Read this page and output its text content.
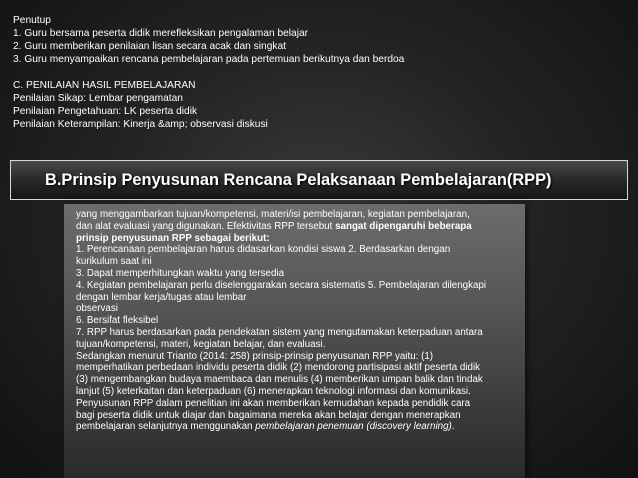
Penutup
1. Guru bersama peserta didik merefleksikan pengalaman belajar
2. Guru memberikan penilaian lisan secara acak dan singkat
3. Guru menyampaikan rencana pembelajaran pada pertemuan berikutnya dan berdoa
C. PENILAIAN HASIL PEMBELAJARAN
Penilaian Sikap: Lembar pengamatan
Penilaian Pengetahuan: LK peserta didik
Penilaian Keterampilan: Kinerja &amp; observasi diskusi
B.Prinsip Penyusunan Rencana Pelaksanaan Pembelajaran(RPP)
yang menggambarkan tujuan/kompetensi, materi/isi pembelajaran, kegiatan pembelajaran,
dan alat evaluasi yang digunakan. Efektivitas RPP tersebut sangat dipengaruhi beberapa
prinsip penyusunan RPP sebagai berikut:
1. Perencanaan pembelajaran harus didasarkan kondisi siswa 2. Berdasarkan dengan
kurikulum saat ini
3. Dapat memperhitungkan waktu yang tersedia
4. Kegiatan pembelajaran perlu diselenggarakan secara sistematis 5. Pembelajaran dilengkapi
dengan lembar kerja/tugas atau lembar
observasi
6. Bersifat fleksibel
7. RPP harus berdasarkan pada pendekatan sistem yang mengutamakan keterpaduan antara
tujuan/kompetensi, materi, kegiatan belajar, dan evaluasi.
Sedangkan menurut Trianto (2014: 258) prinsip-prinsip penyusunan RPP yaitu: (1)
memperhatikan perbedaan individu peserta didik (2) mendorong partisipasi aktif peserta didik
(3) mengembangkan budaya maembaca dan menulis (4) memberikan umpan balik dan tindak
lanjut (5) keterkaitan dan keterpaduan (6) menerapkan teknologi informasi dan komunikasi.
Penyusunan RPP dalam penelitian ini akan memberikan kemudahan kepada pendidik cara
bagi peserta didik untuk diajar dan bagaimana mereka akan belajar dengan menerapkan
pembelajaran selanjutnya menggunakan pembelajaran penemuan (discovery learning).
